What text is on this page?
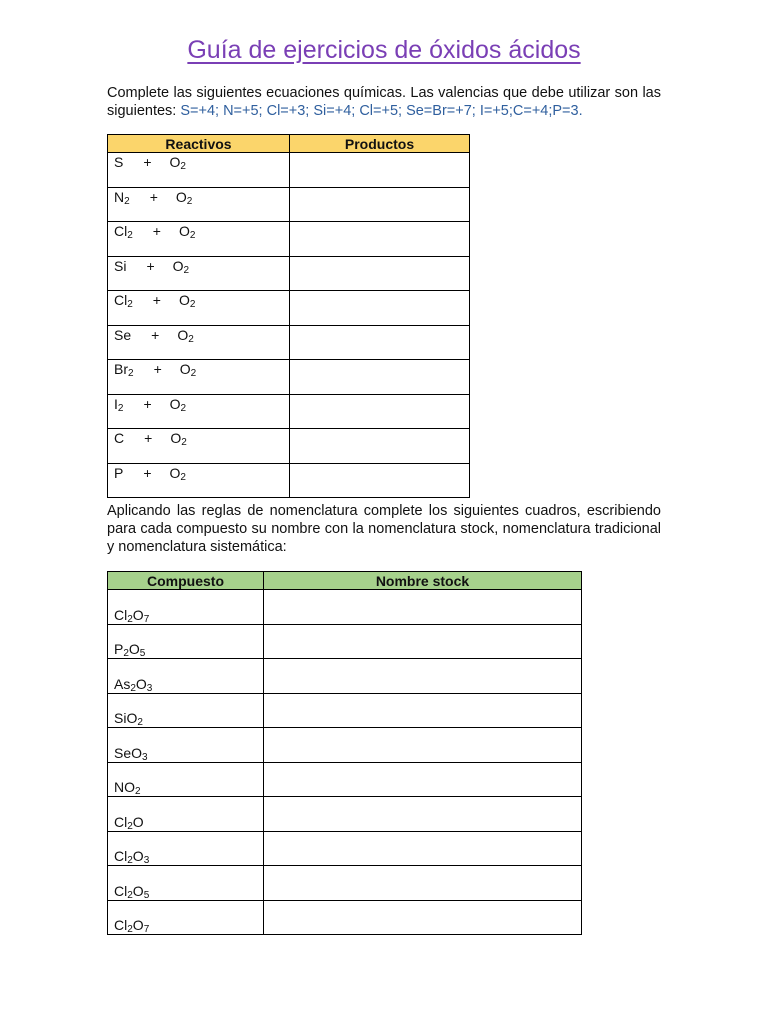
Guía de ejercicios de óxidos ácidos
Complete las siguientes ecuaciones químicas. Las valencias que debe utilizar son las siguientes: S=+4; N=+5; Cl=+3; Si=+4; Cl=+5; Se=Br=+7; I=+5;C=+4;P=3.
Reactivos	Productos
$S + O_2$	
$N_2 + O_2$	
$Cl_2 + O_2$	
$Si + O_2$	
$Cl_2 + O_2$	
$Se + O_2$	
$Br_2 + O_2$	
$I_2 + O_2$	
$C + O_2$	
$P + O_2$	
Aplicando las reglas de nomenclatura complete los siguientes cuadros, escribiendo para cada compuesto su nombre con la nomenclatura stock, nomenclatura tradicional y nomenclatura sistemática:
Compuesto	Nombre stock
$Cl_2O_7$	
$P_2O_5$	
$As_2O_3$	
SiO$_2$	
SeO$_3$	
$NO_2$	
$Cl_2O$	
$Cl_2O_3$	
$Cl_2O_5$	
$Cl_2O_7$	
